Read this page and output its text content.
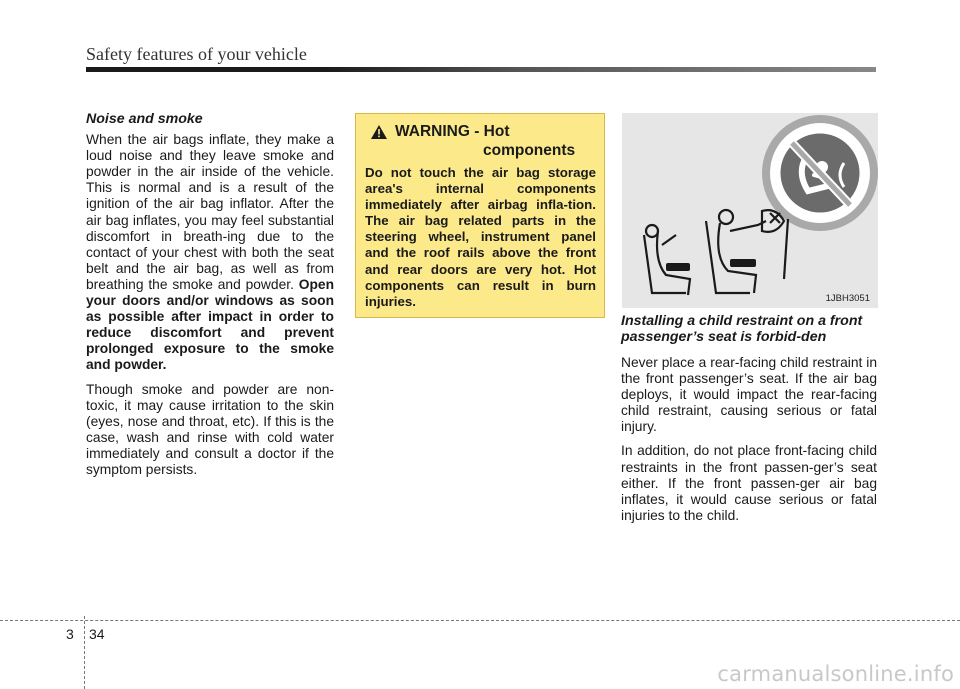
Safety features of your vehicle
Noise and smoke

When the air bags inflate, they make a loud noise and they leave smoke and powder in the air inside of the vehicle. This is normal and is a result of the ignition of the air bag inflator. After the air bag inflates, you may feel substantial discomfort in breath-ing due to the contact of your chest with both the seat belt and the air bag, as well as from breathing the smoke and powder. Open your doors and/or windows as soon as possible after impact in order to reduce discomfort and prevent prolonged exposure to the smoke and powder.

Though smoke and powder are non-toxic, it may cause irritation to the skin (eyes, nose and throat, etc). If this is the case, wash and rinse with cold water immediately and consult a doctor if the symptom persists.

WARNING - Hot
components
Do not touch the air bag storage area's internal components immediately after airbag infla-tion. The air bag related parts in the steering wheel, instrument panel and the roof rails above the front and rear doors are very hot. Hot components can result in burn injuries.	1JBH3051
Installing a child restraint on a front passenger’s seat is forbid-den

Never place a rear-facing child restraint in the front passenger’s seat. If the air bag deploys, it would impact the rear-facing child restraint, causing serious or fatal injury.

In addition, do not place front-facing child restraints in the front passen-ger’s seat either. If the front passen-ger air bag inflates, it would cause serious or fatal injuries to the child.

3 34
carmanualsonline.info
